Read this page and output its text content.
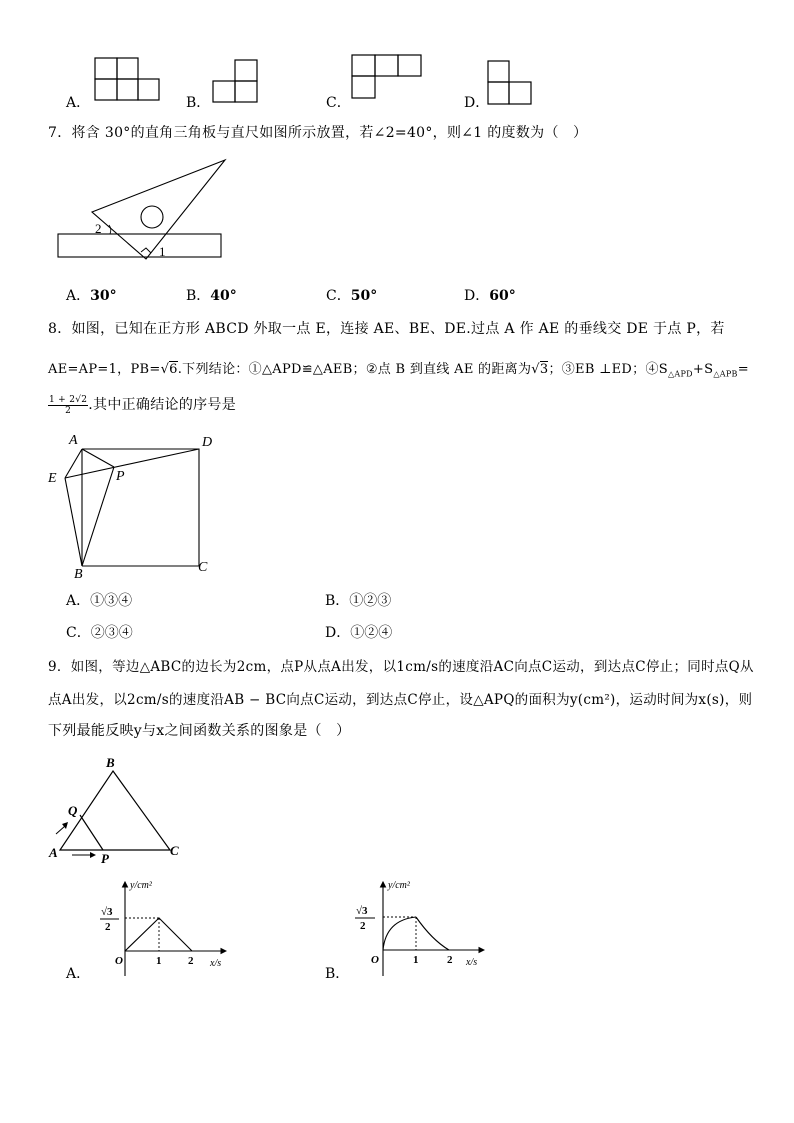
A．	B．	C．	D．
7．将含 30°的直角三角板与直尺如图所示放置，若∠2=40°，则∠1 的度数为（　）
2
1
A．30°	B．40°	C．50°	D．60°
8．如图，已知在正方形 ABCD 外取一点 E，连接 AE、BE、DE.过点 A 作 AE 的垂线交 DE 于点 P，若
AE=AP=1，PB=√6.下列结论：①△APD≌△AEB；②点 B 到直线 AE 的距离为√3；③EB ⊥ED；$④S_{\triangle APD}+S_{\triangle APB}=$
$\frac{1 + 2√2}{2}$ .其中正确结论的序号是
A	D
E	P
B	C
A．①③④	B．①②③
C．②③④	D．①②④
9．如图，等边△ABC的边长为2cm，点P从点A出发，以1cm/s的速度沿AC向点C运动，到达点C停止；同时点Q从
点A出发，以2cm/s的速度沿AB − BC向点C运动，到达点C停止，设△APQ的面积为y(cm²)，运动时间为x(s)，则
下列最能反映y与x之间函数关系的图象是（　）
B
Q
A	P
C
A．
y/cm²
x/s
O	1 2
√3
2
B．
y/cm²
x/s
O	1	2
√3
2
